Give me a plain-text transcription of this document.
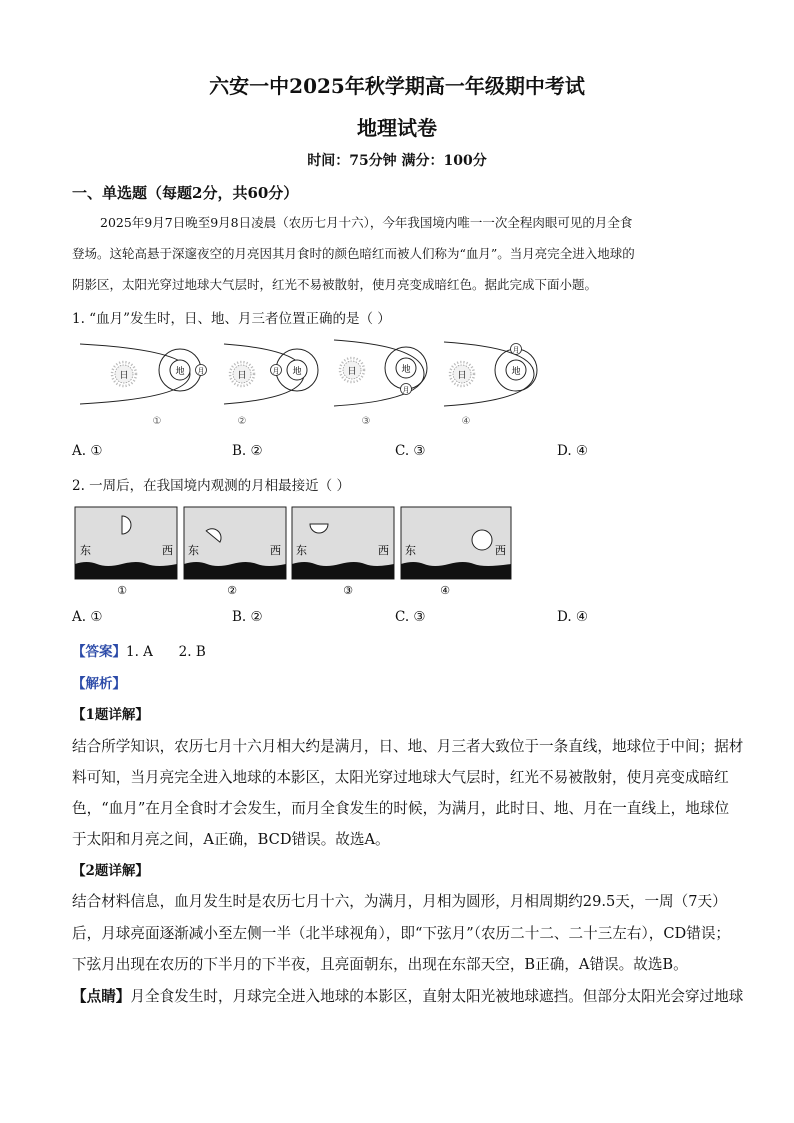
六安一中2025年秋学期高一年级期中考试
地理试卷
时间：75分钟 满分：100分
一、单选题（每题2分，共60分）
2025年9月7日晚至9月8日凌晨（农历七月十六），今年我国境内唯一一次全程肉眼可见的月全食
登场。这轮高悬于深邃夜空的月亮因其月食时的颜色暗红而被人们称为“血月”。当月亮完全进入地球的
阴影区，太阳光穿过地球大气层时，红光不易被散射，使月亮变成暗红色。据此完成下面小题。
1. “血月”发生时，日、地、月三者位置正确的是（ ）
日	地 月
①
日	地
月
②
日	地
月
③
日	地
月
④
A. ①	B. ②	C. ③	D. ④
2. 一周后，在我国境内观测的月相最接近（ ）
东	西
①
东	西
②
东	西
③
东	西
④
A. ①	B. ②	C. ③	D. ④
【答案】1. A      2. B
【解析】
【1题详解】
结合所学知识，农历七月十六月相大约是满月，日、地、月三者大致位于一条直线，地球位于中间；据材
料可知，当月亮完全进入地球的本影区，太阳光穿过地球大气层时，红光不易被散射，使月亮变成暗红
色，“血月”在月全食时才会发生，而月全食发生的时候，为满月，此时日、地、月在一直线上，地球位
于太阳和月亮之间，A正确，BCD错误。故选A。
【2题详解】
结合材料信息，血月发生时是农历七月十六，为满月，月相为圆形，月相周期约29.5天，一周（7天）
后，月球亮面逐渐减小至左侧一半（北半球视角），即“下弦月”（农历二十二、二十三左右），CD错误；
下弦月出现在农历的下半月的下半夜，且亮面朝东，出现在东部天空，B正确，A错误。故选B。
【点睛】月全食发生时，月球完全进入地球的本影区，直射太阳光被地球遮挡。但部分太阳光会穿过地球
